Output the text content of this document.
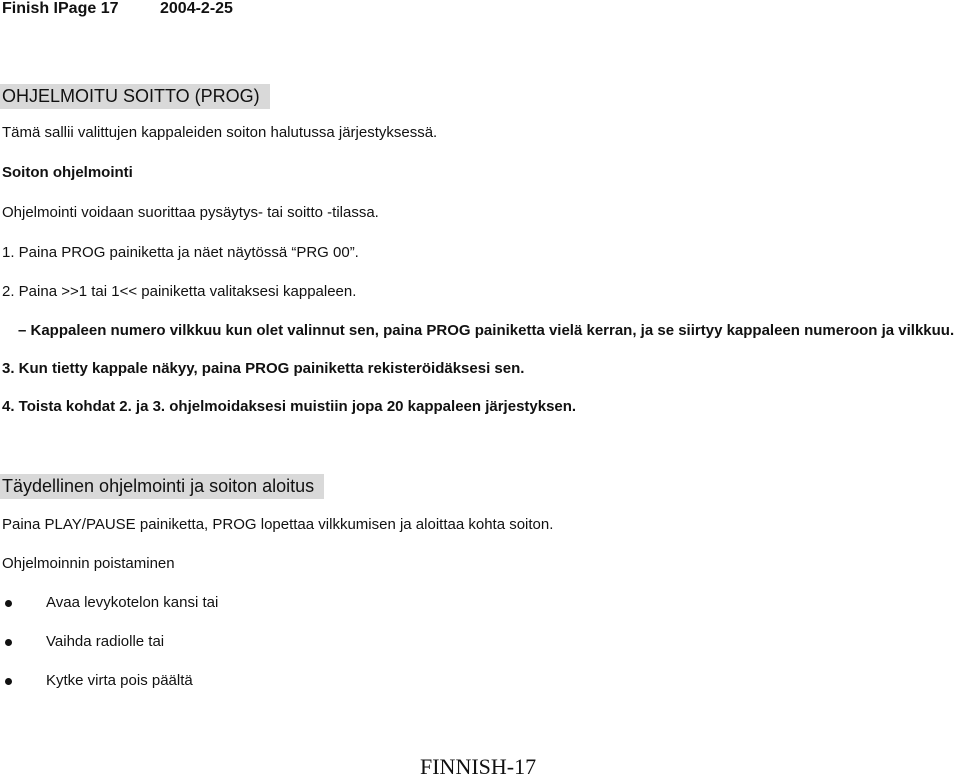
Finish IPage 17	2004-2-25
OHJELMOITU SOITTO (PROG)
Tämä sallii valittujen kappaleiden soiton halutussa järjestyksessä.
Soiton ohjelmointi
Ohjelmointi voidaan suorittaa pysäytys- tai soitto -tilassa.
1. Paina PROG painiketta ja näet näytössä “PRG 00”.
2. Paina >>1 tai 1<< painiketta valitaksesi kappaleen.
– Kappaleen numero vilkkuu kun olet valinnut sen, paina PROG painiketta vielä kerran, ja se siirtyy kappaleen numeroon ja vilkkuu.
3. Kun tietty kappale näkyy, paina PROG painiketta rekisteröidäksesi sen.
4. Toista kohdat 2. ja 3. ohjelmoidaksesi muistiin jopa 20 kappaleen järjestyksen.
Täydellinen ohjelmointi ja soiton aloitus
Paina PLAY/PAUSE painiketta, PROG lopettaa vilkkumisen ja aloittaa kohta soiton.
Ohjelmoinnin poistaminen
Avaa levykotelon kansi tai
Vaihda radiolle tai
Kytke virta pois päältä
FINNISH-17
